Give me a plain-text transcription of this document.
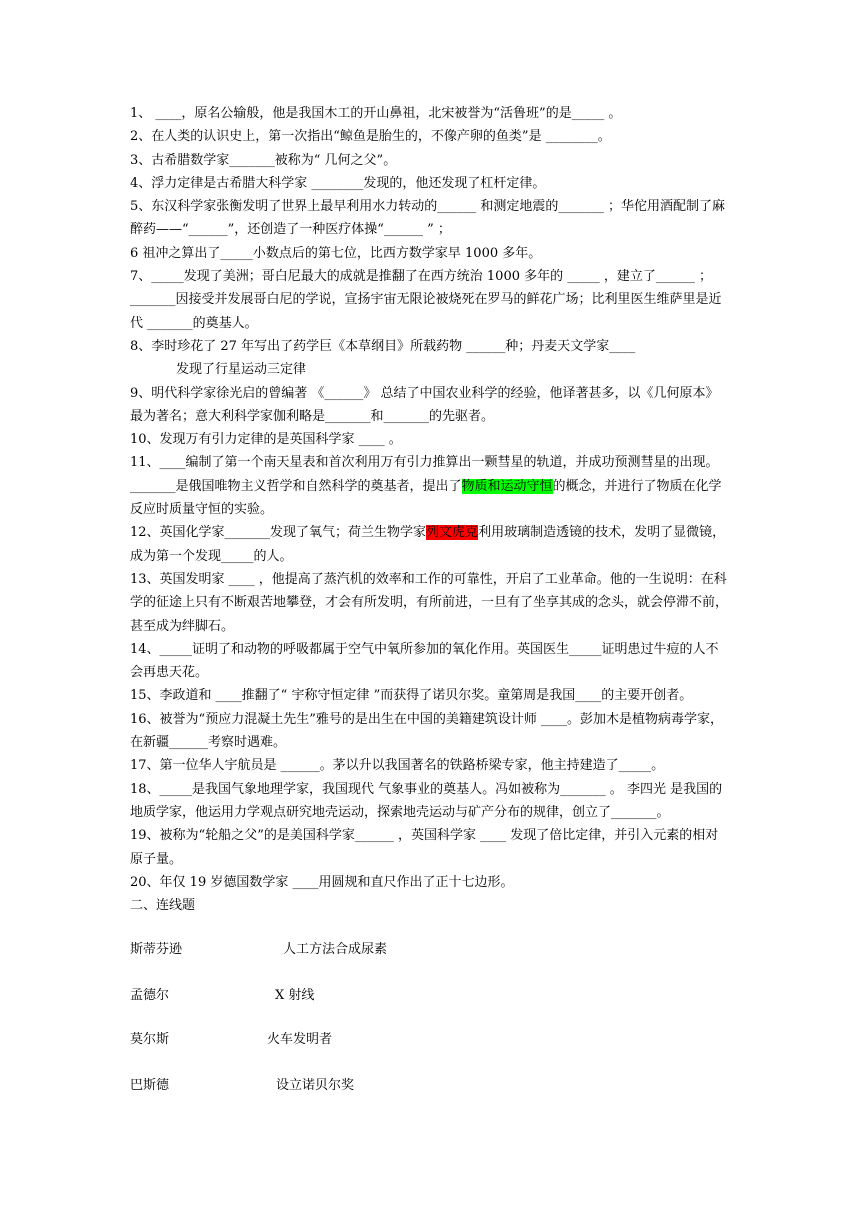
1、 ____，原名公输般，他是我国木工的开山鼻祖，北宋被誉为“活鲁班”的是_____ 。

2、在人类的认识史上，第一次指出“鲸鱼是胎生的，不像产卵的鱼类”是 ________。

3、古希腊数学家_______被称为“ 几何之父”。

4、浮力定律是古希腊大科学家 ________发现的，他还发现了杠杆定律。

5、东汉科学家张衡发明了世界上最早利用水力转动的______ 和测定地震的_______ ；华佗用酒配制了麻醉药——“______”，还创造了一种医疗体操“______ ” ；

6 祖冲之算出了_____小数点后的第七位，比西方数学家早 1000 多年。

7、_____发现了美洲；哥白尼最大的成就是推翻了在西方统治 1000 多年的 _____ ，建立了______ ；_______因接受并发展哥白尼的学说，宣扬宇宙无限论被烧死在罗马的鲜花广场；比利里医生维萨里是近代 _______的奠基人。

8、李时珍花了 27 年写出了药学巨《本草纲目》所载药物 ______种；丹麦天文学家____
发现了行星运动三定律

9、明代科学家徐光启的曾编著 《______》 总结了中国农业科学的经验，他译著甚多，以《几何原本》最为著名；意大利科学家伽利略是_______和_______的先驱者。

10、发现万有引力定律的是英国科学家 ____ 。

11、____编制了第一个南天星表和首次利用万有引力推算出一颗彗星的轨道，并成功预测彗星的出现。_______是俄国唯物主义哲学和自然科学的奠基者，提出了物质和运动守恒的概念，并进行了物质在化学反应时质量守恒的实验。

12、英国化学家_______发现了氧气；荷兰生物学家列文虎克利用玻璃制造透镜的技术，发明了显微镜，成为第一个发现_____的人。

13、英国发明家 ____ ，他提高了蒸汽机的效率和工作的可靠性，开启了工业革命。他的一生说明：在科学的征途上只有不断艰苦地攀登，才会有所发明，有所前进，一旦有了坐享其成的念头，就会停滞不前，甚至成为绊脚石。

14、_____证明了和动物的呼吸都属于空气中氧所参加的氧化作用。英国医生_____证明患过牛痘的人不会再患天花。

15、李政道和 ____推翻了“ 宇称守恒定律 ”而获得了诺贝尔奖。童第周是我国____的主要开创者。

16、被誉为“预应力混凝土先生”雅号的是出生在中国的美籍建筑设计师 ____。彭加木是植物病毒学家，在新疆______考察时遇难。

17、第一位华人宇航员是 ______。茅以升以我国著名的铁路桥梁专家，他主持建造了_____。

18、_____是我国气象地理学家，我国现代 气象事业的奠基人。冯如被称为_______ 。 李四光 是我国的地质学家，他运用力学观点研究地壳运动，探索地壳运动与矿产分布的规律，创立了_______。

19、被称为“轮船之父”的是美国科学家______ ，英国科学家 ____ 发现了倍比定律，并引入元素的相对原子量。

20、年仅 19 岁德国数学家 ____用圆规和直尺作出了正十七边形。

二、连线题

斯蒂芬逊	人工方法合成尿素
孟德尔	X 射线
莫尔斯	火车发明者
巴斯德	设立诺贝尔奖
